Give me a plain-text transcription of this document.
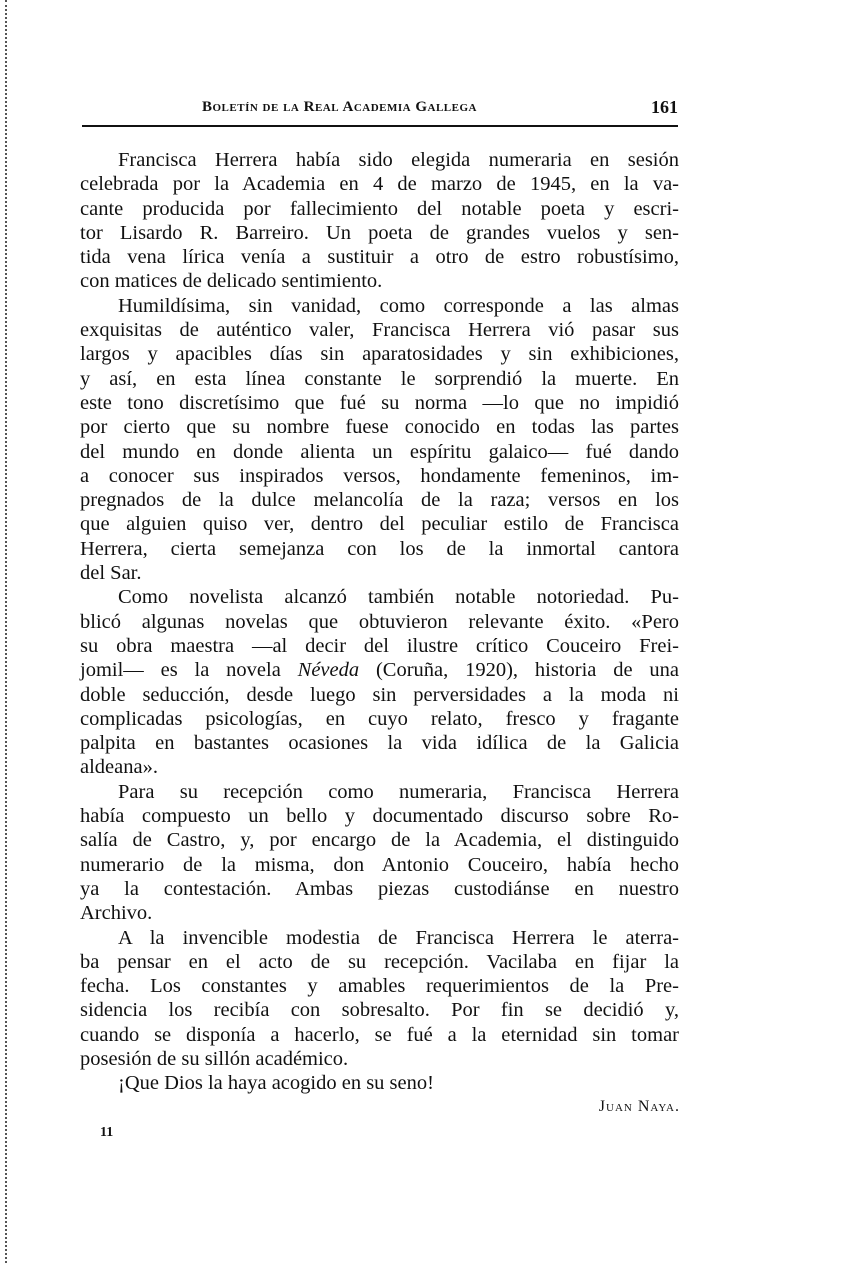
Boletín de la Real Academia Gallega	161
Francisca Herrera había sido elegida numeraria en sesión
celebrada por la Academia en 4 de marzo de 1945, en la va-
cante producida por fallecimiento del notable poeta y escri-
tor Lisardo R. Barreiro. Un poeta de grandes vuelos y sen-
tida vena lírica venía a sustituir a otro de estro robustísimo,
con matices de delicado sentimiento.
Humildísima, sin vanidad, como corresponde a las almas
exquisitas de auténtico valer, Francisca Herrera vió pasar sus
largos y apacibles días sin aparatosidades y sin exhibiciones,
y así, en esta línea constante le sorprendió la muerte. En
este tono discretísimo que fué su norma —lo que no impidió
por cierto que su nombre fuese conocido en todas las partes
del mundo en donde alienta un espíritu galaico— fué dando
a conocer sus inspirados versos, hondamente femeninos, im-
pregnados de la dulce melancolía de la raza; versos en los
que alguien quiso ver, dentro del peculiar estilo de Francisca
Herrera, cierta semejanza con los de la inmortal cantora
del Sar.
Como novelista alcanzó también notable notoriedad. Pu-
blicó algunas novelas que obtuvieron relevante éxito. «Pero
su obra maestra —al decir del ilustre crítico Couceiro Frei-
jomil— es la novela Néveda (Coruña, 1920), historia de una
doble seducción, desde luego sin perversidades a la moda ni
complicadas psicologías, en cuyo relato, fresco y fragante
palpita en bastantes ocasiones la vida idílica de la Galicia
aldeana».
Para su recepción como numeraria, Francisca Herrera
había compuesto un bello y documentado discurso sobre Ro-
salía de Castro, y, por encargo de la Academia, el distinguido
numerario de la misma, don Antonio Couceiro, había hecho
ya la contestación. Ambas piezas custodiánse en nuestro
Archivo.
A la invencible modestia de Francisca Herrera le aterra-
ba pensar en el acto de su recepción. Vacilaba en fijar la
fecha. Los constantes y amables requerimientos de la Pre-
sidencia los recibía con sobresalto. Por fin se decidió y,
cuando se disponía a hacerlo, se fué a la eternidad sin tomar
posesión de su sillón académico.
¡Que Dios la haya acogido en su seno!
Juan Naya.
11
